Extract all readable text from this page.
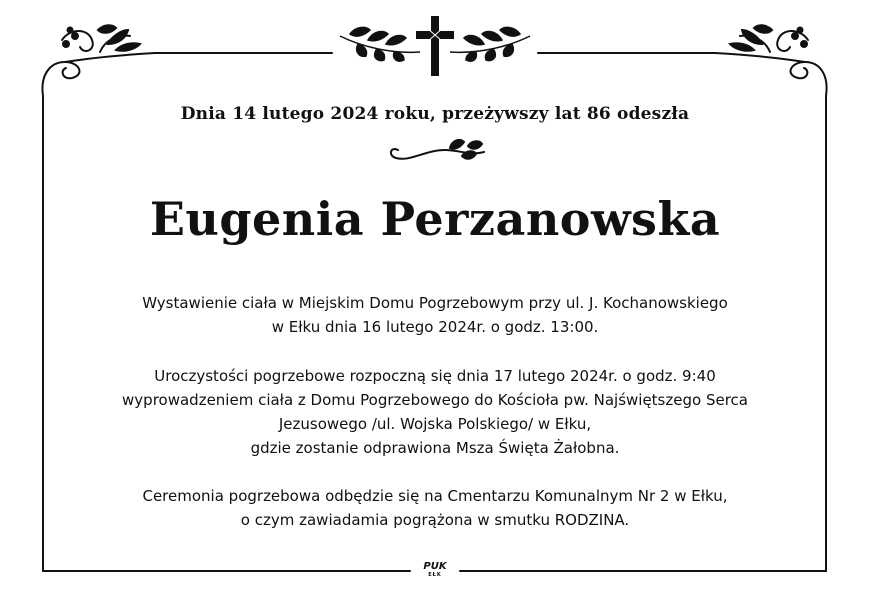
Dnia 14 lutego 2024 roku, przeżywszy lat 86 odeszła
Eugenia Perzanowska
Wystawienie ciała w Miejskim Domu Pogrzebowym przy ul. J. Kochanowskiego
w Ełku dnia 16 lutego 2024r. o godz. 13:00.
Uroczystości pogrzebowe rozpoczną się dnia 17 lutego 2024r. o godz. 9:40
wyprowadzeniem ciała z Domu Pogrzebowego do Kościoła pw. Najświętszego Serca
Jezusowego /ul. Wojska Polskiego/ w Ełku,
gdzie zostanie odprawiona Msza Święta Żałobna.
Ceremonia pogrzebowa odbędzie się na Cmentarzu Komunalnym Nr 2 w Ełku,
o czym zawiadamia pogrążona w smutku RODZINA.
PUK
EŁK
